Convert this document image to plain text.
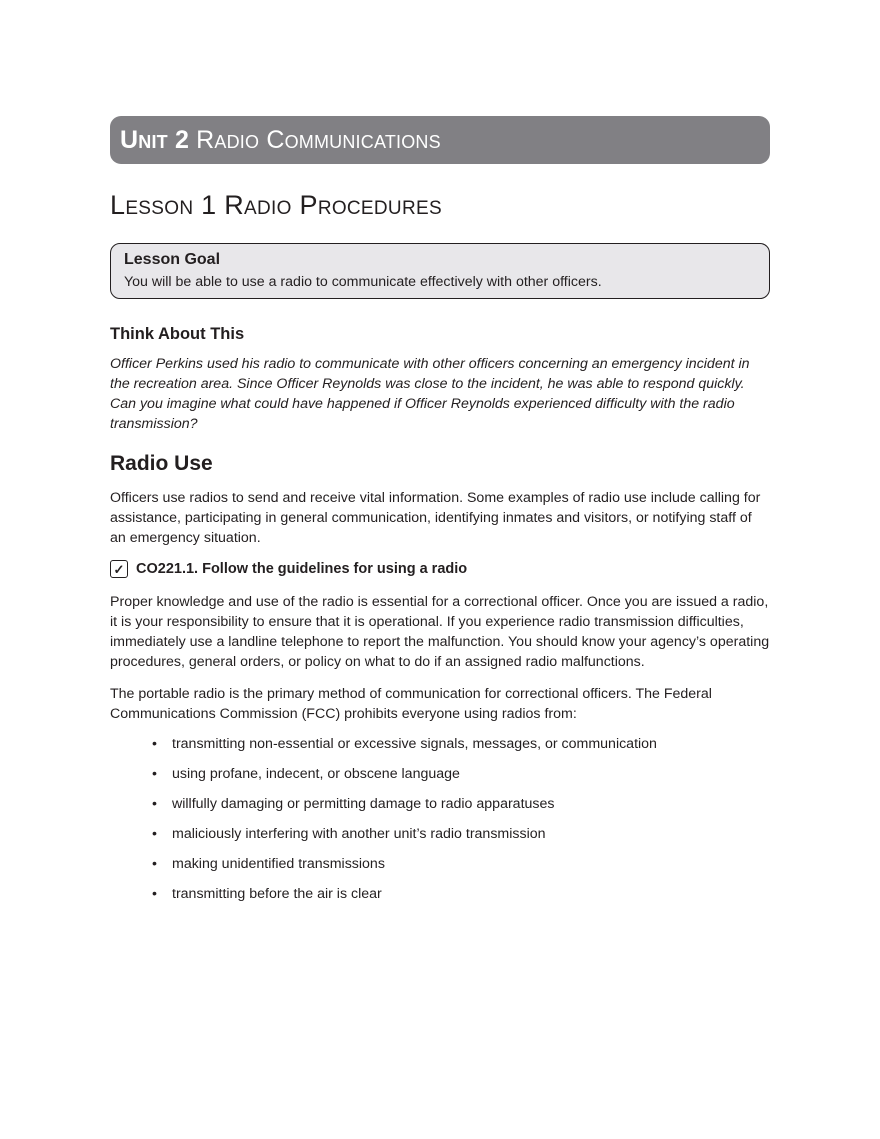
Unit 2 Radio Communications
Lesson 1 Radio Procedures
Lesson Goal

You will be able to use a radio to communicate effectively with other officers.

Think About This

Officer Perkins used his radio to communicate with other officers concerning an emergency incident in the recreation area. Since Officer Reynolds was close to the incident, he was able to respond quickly. Can you imagine what could have happened if Officer Reynolds experienced difficulty with the radio transmission?

Radio Use

Officers use radios to send and receive vital information. Some examples of radio use include calling for assistance, participating in general communication, identifying inmates and visitors, or notifying staff of an emergency situation.

✓ CO221.1. Follow the guidelines for using a radio

Proper knowledge and use of the radio is essential for a correctional officer. Once you are issued a radio, it is your responsibility to ensure that it is operational. If you experience radio transmission difficulties, immediately use a landline telephone to report the malfunction. You should know your agency’s operating procedures, general orders, or policy on what to do if an assigned radio malfunctions.

The portable radio is the primary method of communication for correctional officers. The Federal Communications Commission (FCC) prohibits everyone using radios from:

• transmitting non-essential or excessive signals, messages, or communication
• using profane, indecent, or obscene language
• willfully damaging or permitting damage to radio apparatuses
• maliciously interfering with another unit’s radio transmission
• making unidentified transmissions
• transmitting before the air is clear
